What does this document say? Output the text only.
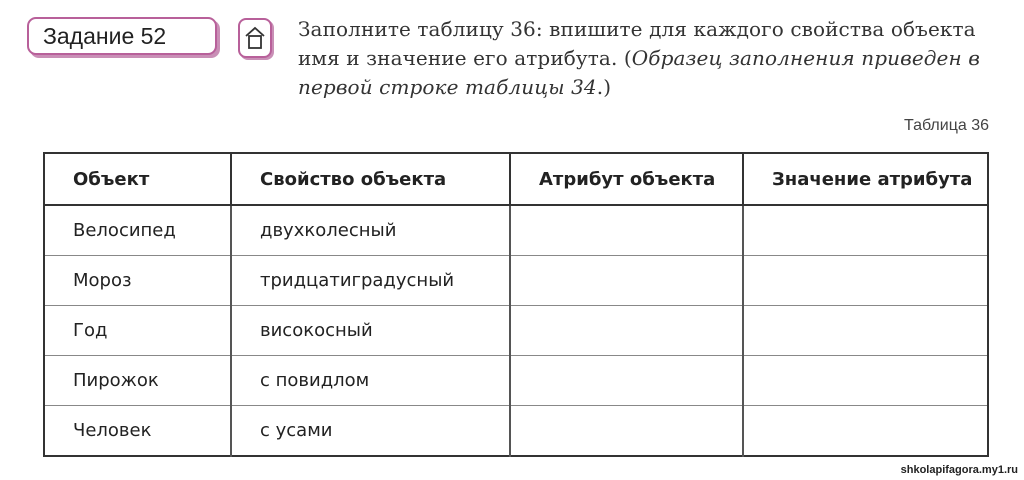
Задание 52	Заполните таблицу 36: впишите для каждого свойства объекта имя и значение его атрибута. (Образец заполнения приведен в первой строке таблицы 34.)
Таблица 36
Объект	Свойство объекта	Атрибут объекта	Значение атрибута
Велосипед	двухколесный		
Мороз	тридцатиградусный		
Год	високосный		
Пирожок	с повидлом		
Человек	с усами		
shkolapifagora.my1.ru
